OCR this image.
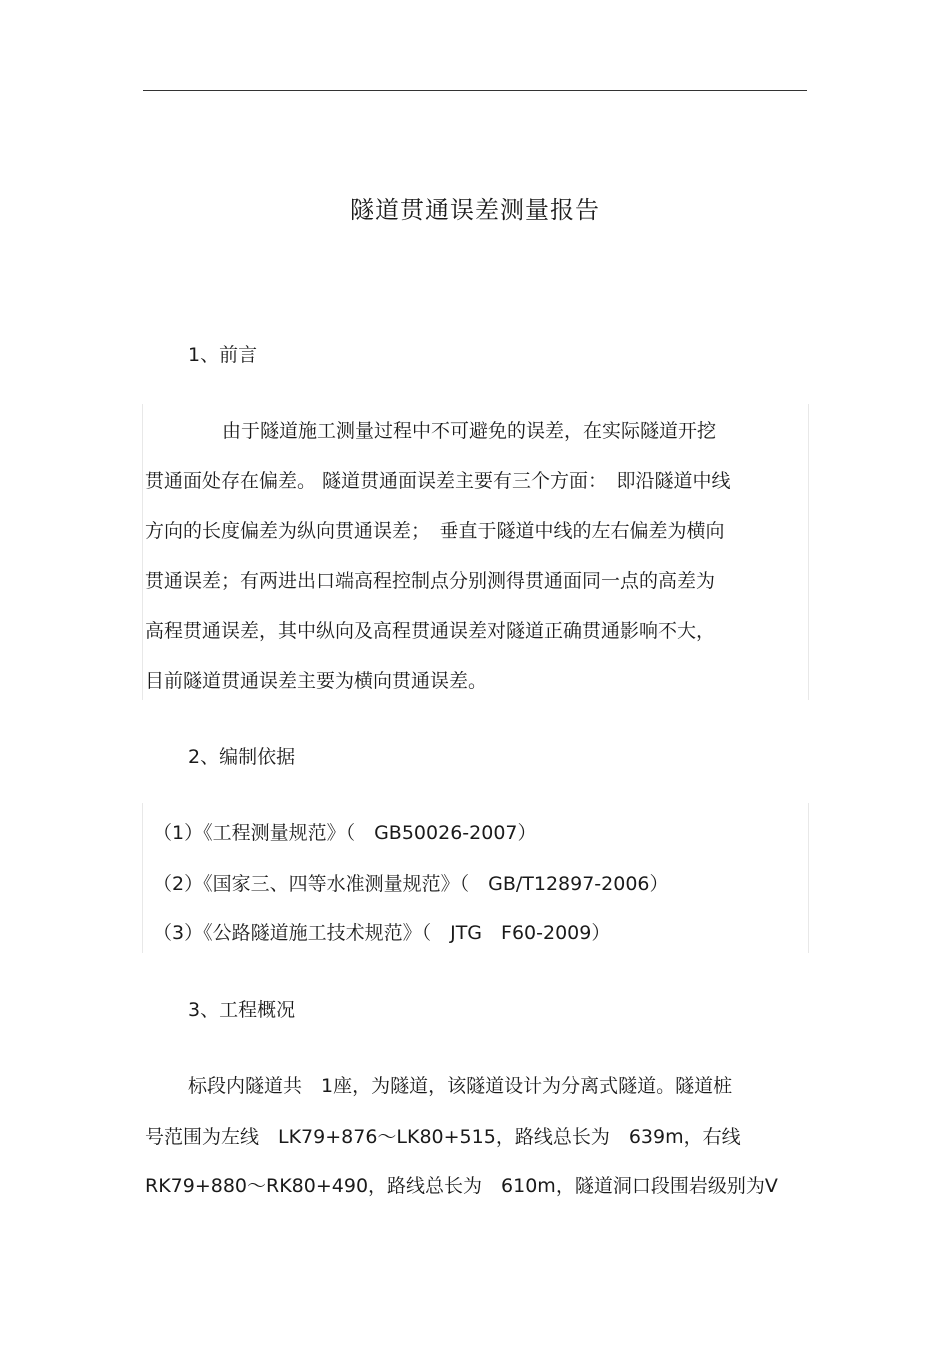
隧道贯通误差测量报告
1、前言
由于隧道施工测量过程中不可避免的误差，在实际隧道开挖
贯通面处存在偏差。 隧道贯通面误差主要有三个方面：　即沿隧道中线
方向的长度偏差为纵向贯通误差；　垂直于隧道中线的左右偏差为横向
贯通误差；有两进出口端高程控制点分别测得贯通面同一点的高差为
高程贯通误差，其中纵向及高程贯通误差对隧道正确贯通影响不大，
目前隧道贯通误差主要为横向贯通误差。
2、编制依据
（1）《工程测量规范》（　GB50026-2007）
（2）《国家三、四等水准测量规范》（　GB/T12897-2006）
（3）《公路隧道施工技术规范》（　JTG　F60-2009）
3、工程概况
标段内隧道共　1座，为隧道，该隧道设计为分离式隧道。隧道桩
号范围为左线　LK79+876～LK80+515，路线总长为　639m，右线
RK79+880～RK80+490，路线总长为　610m，隧道洞口段围岩级别为Ⅴ
